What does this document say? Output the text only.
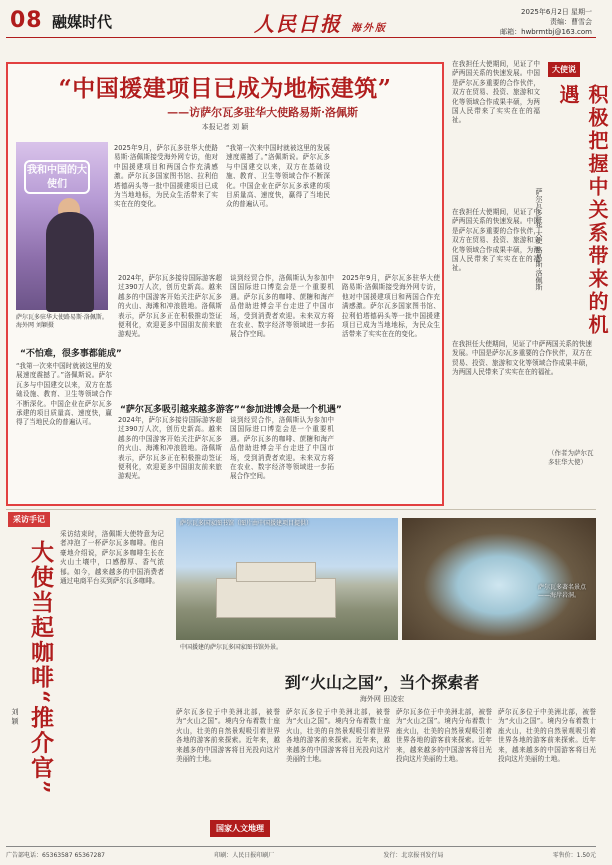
08 融媒时代	人民日报 海外版
2025年6月2日 星期一
责编：曹雪会
邮箱：hwbrmtbj@163.com
“中国援建项目已成为地标建筑”
——访萨尔瓦多驻华大使路易斯·洛佩斯
本报记者 刘 颖
我和中国的大使们
萨尔瓦多驻华大使路易斯·洛佩斯。海外网 刘颖摄
2025年9月，萨尔瓦多驻华大使路易斯·洛佩斯接受海外网专访，他对中国援建项目和两国合作充满感激。萨尔瓦多国家图书馆、拉利伯塔德码头等一批中国援建项目已成为当地地标，为民众生活带来了实实在在的变化。
“我第一次来中国时就被这里的发展速度震撼了。”洛佩斯说。萨尔瓦多与中国建交以来，双方在基础设施、教育、卫生等领域合作不断深化。中国企业在萨尔瓦多承建的项目质量高、速度快，赢得了当地民众的普遍认可。
2024年，萨尔瓦多接待国际游客超过390万人次，创历史新高。越来越多的中国游客开始关注萨尔瓦多的火山、海滩和冲浪胜地。洛佩斯表示，萨尔瓦多正在积极推动签证便利化，欢迎更多中国朋友前来旅游观光。
谈到经贸合作，洛佩斯认为参加中国国际进口博览会是一个重要机遇。萨尔瓦多的咖啡、蔗糖和海产品借助进博会平台走进了中国市场，受到消费者欢迎。未来双方将在农业、数字经济等领域进一步拓展合作空间。
2025年9月，萨尔瓦多驻华大使路易斯·洛佩斯接受海外网专访，他对中国援建项目和两国合作充满感激。萨尔瓦多国家图书馆、拉利伯塔德码头等一批中国援建项目已成为当地地标，为民众生活带来了实实在在的变化。
“不怕难，很多事都能成”
“我第一次来中国时就被这里的发展速度震撼了。”洛佩斯说。萨尔瓦多与中国建交以来，双方在基础设施、教育、卫生等领域合作不断深化。中国企业在萨尔瓦多承建的项目质量高、速度快，赢得了当地民众的普遍认可。
“萨尔瓦多吸引越来越多游客”
2024年，萨尔瓦多接待国际游客超过390万人次，创历史新高。越来越多的中国游客开始关注萨尔瓦多的火山、海滩和冲浪胜地。洛佩斯表示，萨尔瓦多正在积极推动签证便利化，欢迎更多中国朋友前来旅游观光。
“参加进博会是一个机遇”
谈到经贸合作，洛佩斯认为参加中国国际进口博览会是一个重要机遇。萨尔瓦多的咖啡、蔗糖和海产品借助进博会平台走进了中国市场，受到消费者欢迎。未来双方将在农业、数字经济等领域进一步拓展合作空间。
在我担任大使期间，见证了中萨两国关系的快速发展。中国是萨尔瓦多重要的合作伙伴，双方在贸易、投资、旅游和文化等领域合作成果丰硕，为两国人民带来了实实在在的福祉。
大使说
积极把握中关系带来的机遇
萨尔瓦多驻华大使 路易斯·洛佩斯
在我担任大使期间，见证了中萨两国关系的快速发展。中国是萨尔瓦多重要的合作伙伴，双方在贸易、投资、旅游和文化等领域合作成果丰硕，为两国人民带来了实实在在的福祉。
在我担任大使期间，见证了中萨两国关系的快速发展。中国是萨尔瓦多重要的合作伙伴，双方在贸易、投资、旅游和文化等领域合作成果丰硕，为两国人民带来了实实在在的福祉。
（作者为萨尔瓦多驻华大使）
采访手记
大使当起咖啡“推介官”
刘 颖
采访结束时，洛佩斯大使特意为记者冲泡了一杯萨尔瓦多咖啡。他自豪地介绍说，萨尔瓦多咖啡生长在火山土壤中，口感醇厚、香气浓郁。如今，越来越多的中国消费者通过电商平台买到萨尔瓦多咖啡。
萨尔瓦多国家图书馆（图片由中国援建项目提供）
中国援建的萨尔瓦多国家图书馆外景。
萨尔瓦多著名景点——海岸岩洞。
到“火山之国”，当个探索者
海外网 田凌宏
萨尔瓦多位于中美洲北部，被誉为“火山之国”。境内分布着数十座火山，壮美的自然景观吸引着世界各地的游客前来探索。近年来，越来越多的中国游客将目光投向这片美丽的土地。
萨尔瓦多位于中美洲北部，被誉为“火山之国”。境内分布着数十座火山，壮美的自然景观吸引着世界各地的游客前来探索。近年来，越来越多的中国游客将目光投向这片美丽的土地。
萨尔瓦多位于中美洲北部，被誉为“火山之国”。境内分布着数十座火山，壮美的自然景观吸引着世界各地的游客前来探索。近年来，越来越多的中国游客将目光投向这片美丽的土地。
萨尔瓦多位于中美洲北部，被誉为“火山之国”。境内分布着数十座火山，壮美的自然景观吸引着世界各地的游客前来探索。近年来，越来越多的中国游客将目光投向这片美丽的土地。
国家人文地理
广告部电话：65363587 65367287	印刷：人民日报印刷厂	发行：北京报刊发行局	零售价：1.50元
